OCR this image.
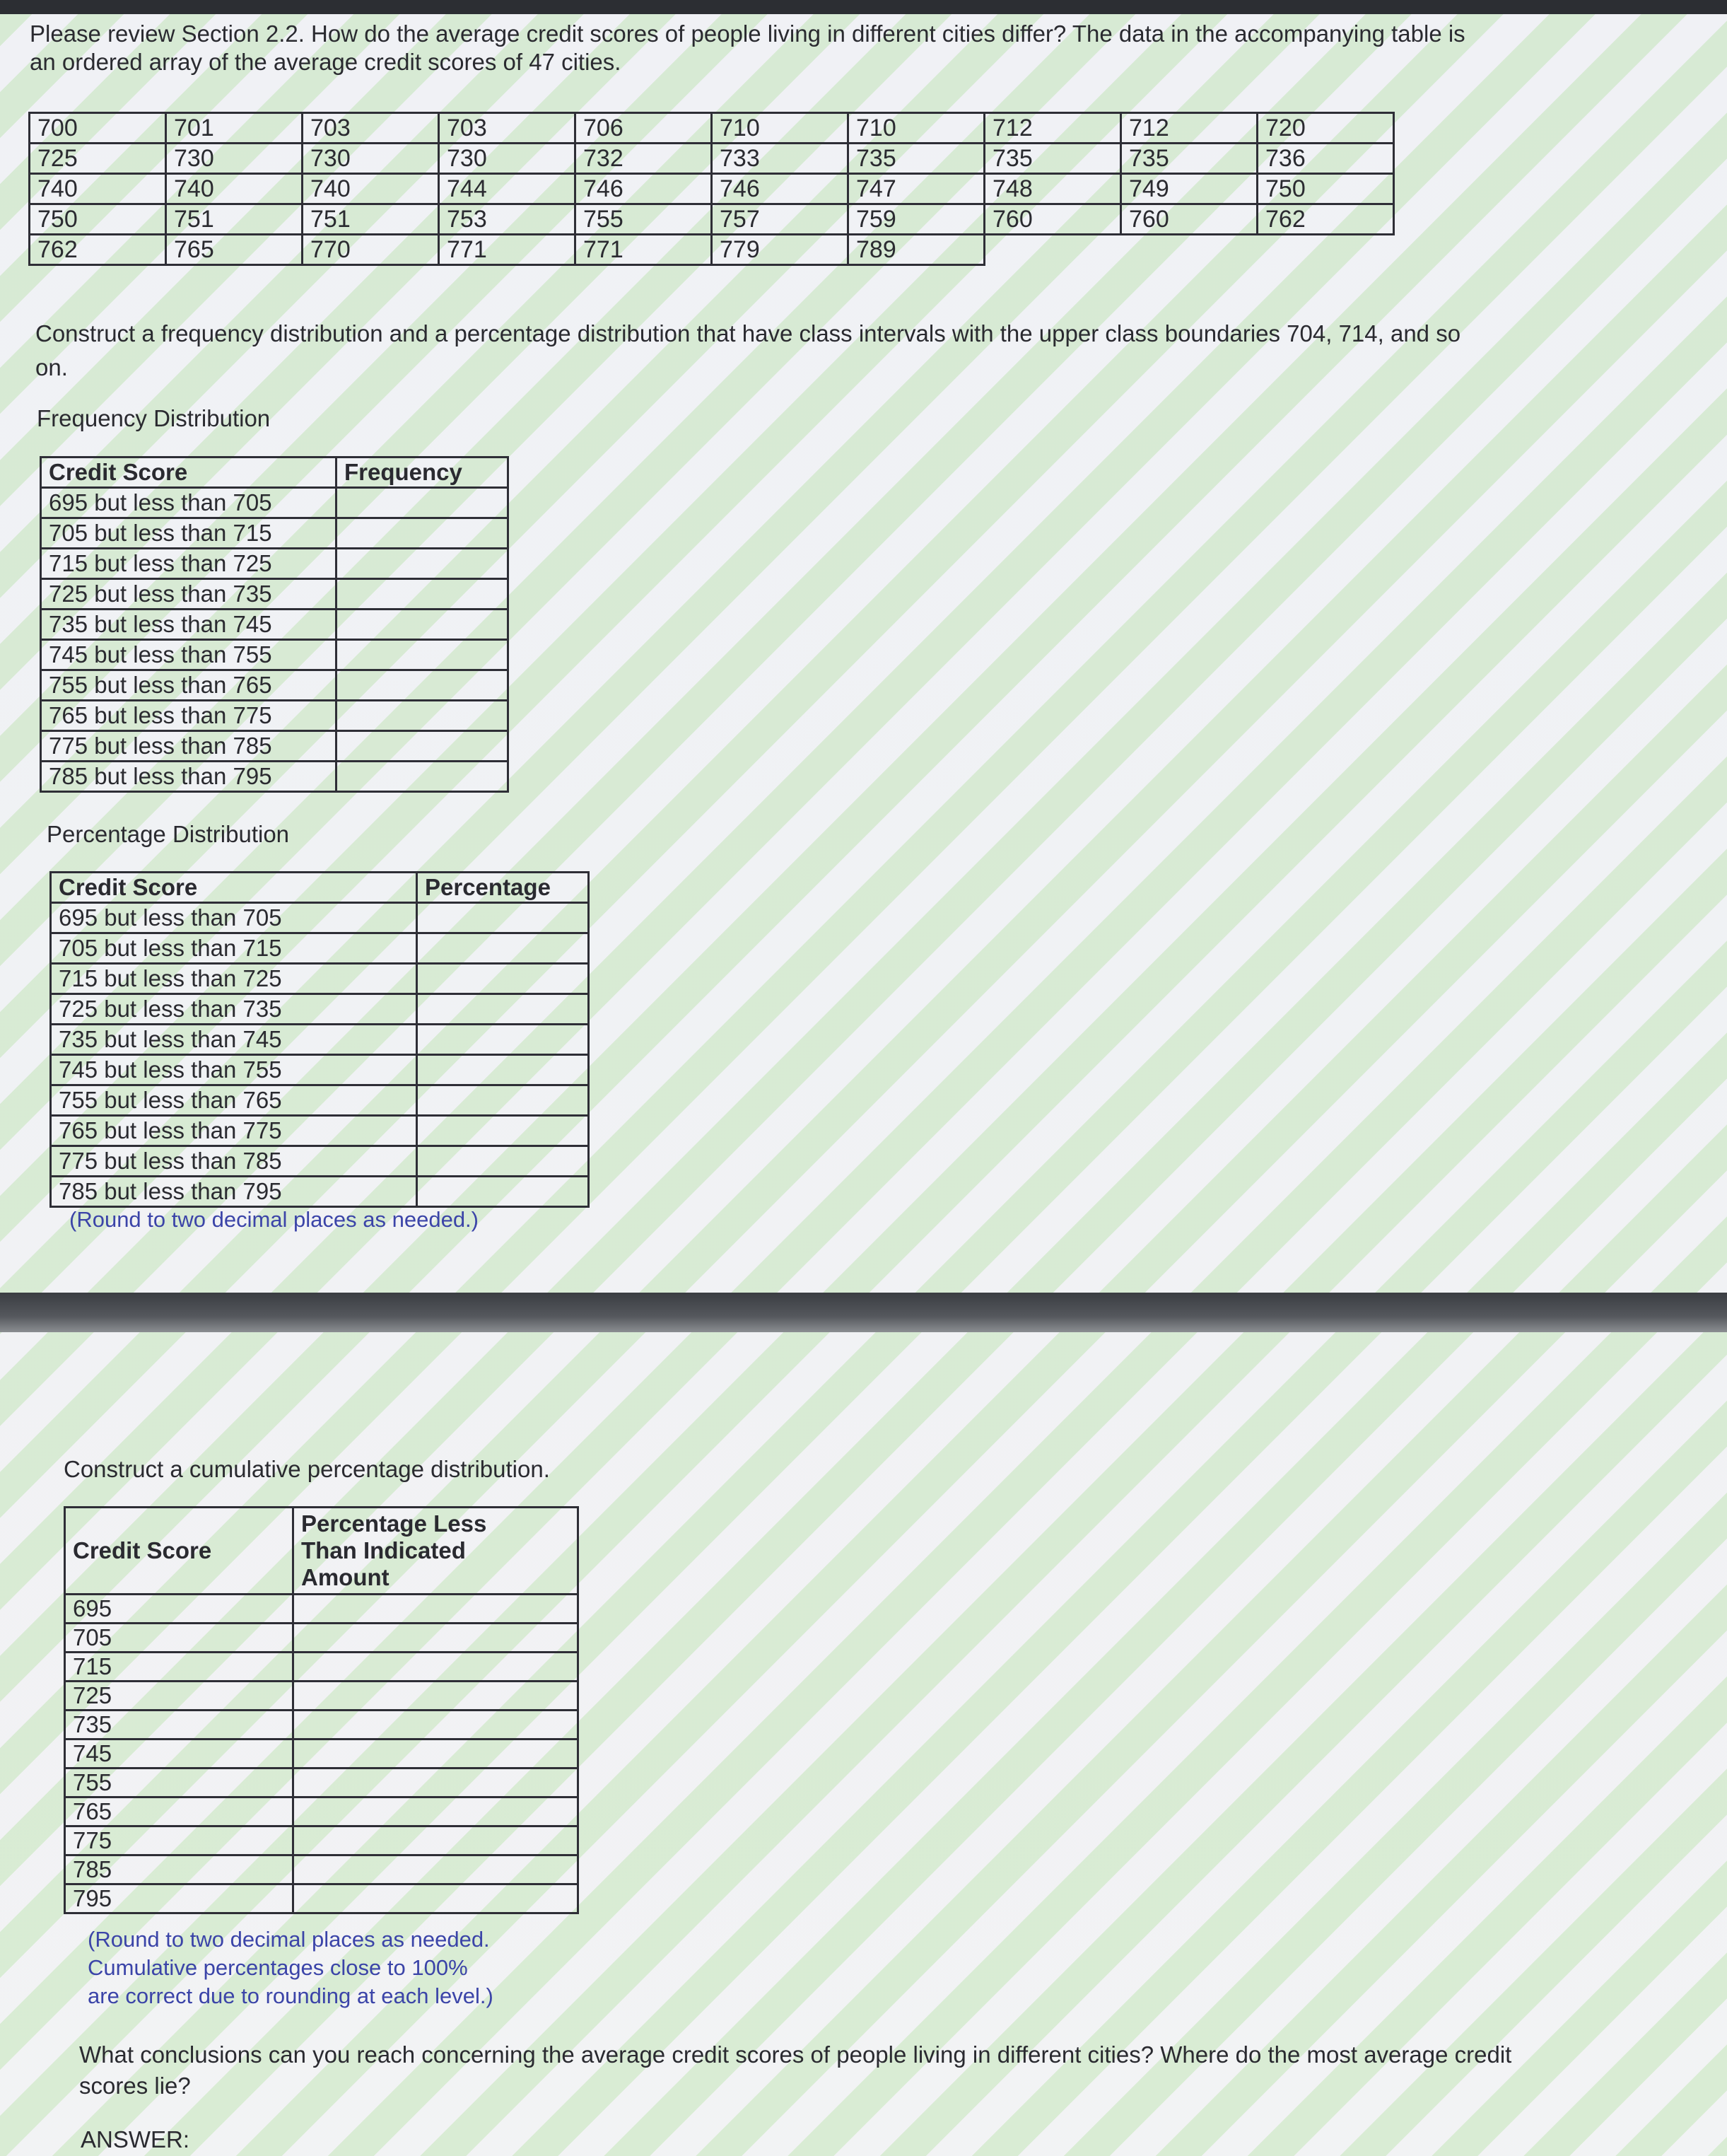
Please review Section 2.2. How do the average credit scores of people living in different cities differ? The data in the accompanying table is
an ordered array of the average credit scores of 47 cities.
700	701	703	703	706	710	710	712	712	720
725	730	730	730	732	733	735	735	735	736
740	740	740	744	746	746	747	748	749	750
750	751	751	753	755	757	759	760	760	762
762	765	770	771	771	779	789			
Construct a frequency distribution and a percentage distribution that have class intervals with the upper class boundaries 704, 714, and so
on.
Frequency Distribution
Credit Score	Frequency
695 but less than 705	
705 but less than 715	
715 but less than 725	
725 but less than 735	
735 but less than 745	
745 but less than 755	
755 but less than 765	
765 but less than 775	
775 but less than 785	
785 but less than 795	
Percentage Distribution
Credit Score	Percentage
695 but less than 705	
705 but less than 715	
715 but less than 725	
725 but less than 735	
735 but less than 745	
745 but less than 755	
755 but less than 765	
765 but less than 775	
775 but less than 785	
785 but less than 795	
(Round to two decimal places as needed.)
Construct a cumulative percentage distribution.
Credit Score	Percentage Less
Than Indicated
Amount
695	
705	
715	
725	
735	
745	
755	
765	
775	
785	
795	
(Round to two decimal places as needed.
Cumulative percentages close to 100%
are correct due to rounding at each level.)
What conclusions can you reach concerning the average credit scores of people living in different cities? Where do the most average credit
scores lie?
ANSWER:
